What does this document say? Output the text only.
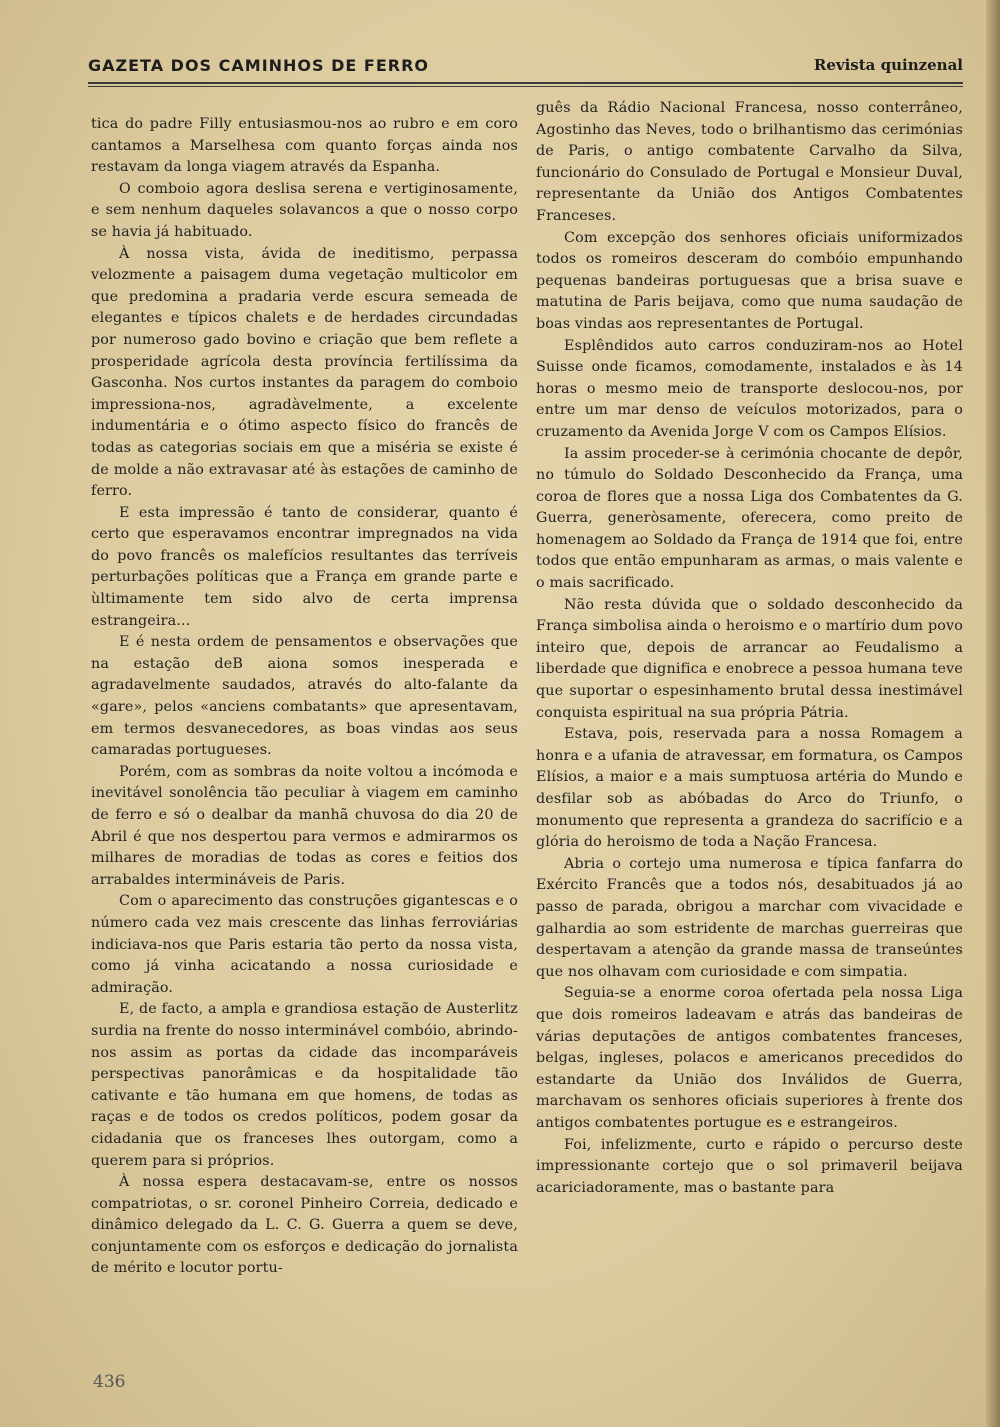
GAZETA DOS CAMINHOS DE FERRO	Revista quinzenal

tica do padre Filly entusiasmou-nos ao rubro e em coro cantamos a Marselhesa com quanto forças ainda nos restavam da longa viagem através da Espanha.

O comboio agora deslisa serena e vertiginosamente, e sem nenhum daqueles solavancos a que o nosso corpo se havia já habituado.

À nossa vista, ávida de ineditismo, perpassa velozmente a paisagem duma vegetação multicolor em que predomina a pradaria verde escura semeada de elegantes e típicos chalets e de herdades circundadas por numeroso gado bovino e criação que bem reflete a prosperidade agrícola desta província fertilíssima da Gasconha. Nos curtos instantes da paragem do comboio impressiona-nos, agradàvelmente, a excelente indumentária e o ótimo aspecto físico do francês de todas as categorias sociais em que a miséria se existe é de molde a não extravasar até às estações de caminho de ferro.

E esta impressão é tanto de considerar, quanto é certo que esperavamos encontrar impregnados na vida do povo francês os malefícios resultantes das terríveis perturbações políticas que a França em grande parte e ùltimamente tem sido alvo de certa imprensa estrangeira...

E é nesta ordem de pensamentos e observações que na estação deB aiona somos inesperada e agradavelmente saudados, através do alto-falante da «gare», pelos «anciens combatants» que apresentavam, em termos desvanecedores, as boas vindas aos seus camaradas portugueses.

Porém, com as sombras da noite voltou a incómoda e inevitável sonolência tão peculiar à viagem em caminho de ferro e só o dealbar da manhã chuvosa do dia 20 de Abril é que nos despertou para vermos e admirarmos os milhares de moradias de todas as cores e feitios dos arrabaldes intermináveis de Paris.

Com o aparecimento das construções gigantescas e o número cada vez mais crescente das linhas ferroviárias indiciava-nos que Paris estaria tão perto da nossa vista, como já vinha acicatando a nossa curiosidade e admiração.

E, de facto, a ampla e grandiosa estação de Austerlitz surdia na frente do nosso interminável combóio, abrindo-nos assim as portas da cidade das incomparáveis perspectivas panorâmicas e da hospitalidade tão cativante e tão humana em que homens, de todas as raças e de todos os credos políticos, podem gosar da cidadania que os franceses lhes outorgam, como a querem para si próprios.

À nossa espera destacavam-se, entre os nossos compatriotas, o sr. coronel Pinheiro Correia, dedicado e dinâmico delegado da L. C. G. Guerra a quem se deve, conjuntamente com os esforços e dedicação do jornalista de mérito e locutor portu-

guês da Rádio Nacional Francesa, nosso conterrâneo, Agostinho das Neves, todo o brilhantismo das cerimónias de Paris, o antigo combatente Carvalho da Silva, funcionário do Consulado de Portugal e Monsieur Duval, representante da União dos Antigos Combatentes Franceses.

Com excepção dos senhores oficiais uniformizados todos os romeiros desceram do combóio empunhando pequenas bandeiras portuguesas que a brisa suave e matutina de Paris beijava, como que numa saudação de boas vindas aos representantes de Portugal.

Esplêndidos auto carros conduziram-nos ao Hotel Suisse onde ficamos, comodamente, instalados e às 14 horas o mesmo meio de transporte deslocou-nos, por entre um mar denso de veículos motorizados, para o cruzamento da Avenida Jorge V com os Campos Elísios.

Ia assim proceder-se à cerimónia chocante de depôr, no túmulo do Soldado Desconhecido da França, uma coroa de flores que a nossa Liga dos Combatentes da G. Guerra, generòsamente, oferecera, como preito de homenagem ao Soldado da França de 1914 que foi, entre todos que então empunharam as armas, o mais valente e o mais sacrificado.

Não resta dúvida que o soldado desconhecido da França simbolisa ainda o heroismo e o martírio dum povo inteiro que, depois de arrancar ao Feudalismo a liberdade que dignifica e enobrece a pessoa humana teve que suportar o espesinhamento brutal dessa inestimável conquista espiritual na sua própria Pátria.

Estava, pois, reservada para a nossa Romagem a honra e a ufania de atravessar, em formatura, os Campos Elísios, a maior e a mais sumptuosa artéria do Mundo e desfilar sob as abóbadas do Arco do Triunfo, o monumento que representa a grandeza do sacrifício e a glória do heroismo de toda a Nação Francesa.

Abria o cortejo uma numerosa e típica fanfarra do Exército Francês que a todos nós, desabituados já ao passo de parada, obrigou a marchar com vivacidade e galhardia ao som estridente de marchas guerreiras que despertavam a atenção da grande massa de transeúntes que nos olhavam com curiosidade e com simpatia.

Seguia-se a enorme coroa ofertada pela nossa Liga que dois romeiros ladeavam e atrás das bandeiras de várias deputações de antigos combatentes franceses, belgas, ingleses, polacos e americanos precedidos do estandarte da União dos Inválidos de Guerra, marchavam os senhores oficiais superiores à frente dos antigos combatentes portugue es e estrangeiros.

Foi, infelizmente, curto e rápido o percurso deste impressionante cortejo que o sol primaveril beijava acariciadoramente, mas o bastante para

436
